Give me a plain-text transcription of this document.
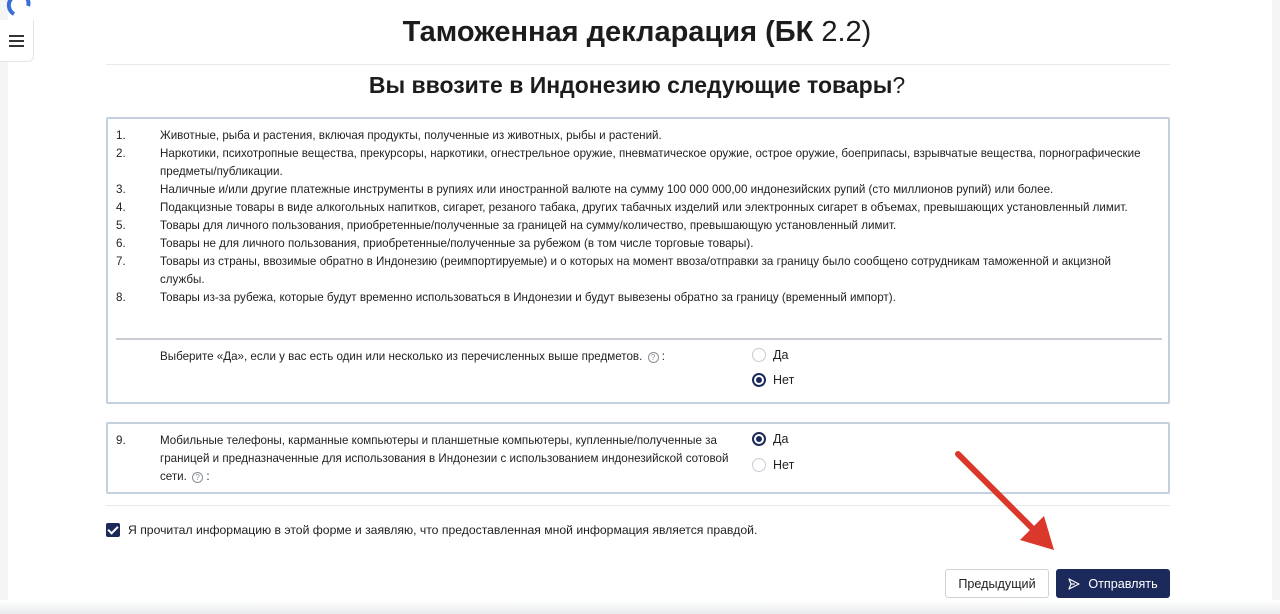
Таможенная декларация (БК 2.2)
Вы ввозите в Индонезию следующие товары?
1.	Животные, рыба и растения, включая продукты, полученные из животных, рыбы и растений.
2.	Наркотики, психотропные вещества, прекурсоры, наркотики, огнестрельное оружие, пневматическое оружие, острое оружие, боеприпасы, взрывчатые вещества, порнографические предметы/публикации.
3.	Наличные и/или другие платежные инструменты в рупиях или иностранной валюте на сумму 100 000 000,00 индонезийских рупий (сто миллионов рупий) или более.
4.	Подакцизные товары в виде алкогольных напитков, сигарет, резаного табака, других табачных изделий или электронных сигарет в объемах, превышающих установленный лимит.
5.	Товары для личного пользования, приобретенные/полученные за границей на сумму/количество, превышающую установленный лимит.
6.	Товары не для личного пользования, приобретенные/полученные за рубежом (в том числе торговые товары).
7.	Товары из страны, ввозимые обратно в Индонезию (реимпортируемые) и о которых на момент ввоза/отправки за границу было сообщено сотрудникам таможенной и акцизной службы.
8.	Товары из-за рубежа, которые будут временно использоваться в Индонезии и будут вывезены обратно за границу (временный импорт).
Выберите «Да», если у вас есть один или несколько из перечисленных выше предметов. ? :	Да
Нет
9.	Мобильные телефоны, карманные компьютеры и планшетные компьютеры, купленные/полученные за границей и предназначенные для использования в Индонезии с использованием индонезийской сотовой сети. ? :
Да
Нет
Я прочитал информацию в этой форме и заявляю, что предоставленная мной информация является правдой.
Предыдущий	Отправлять
